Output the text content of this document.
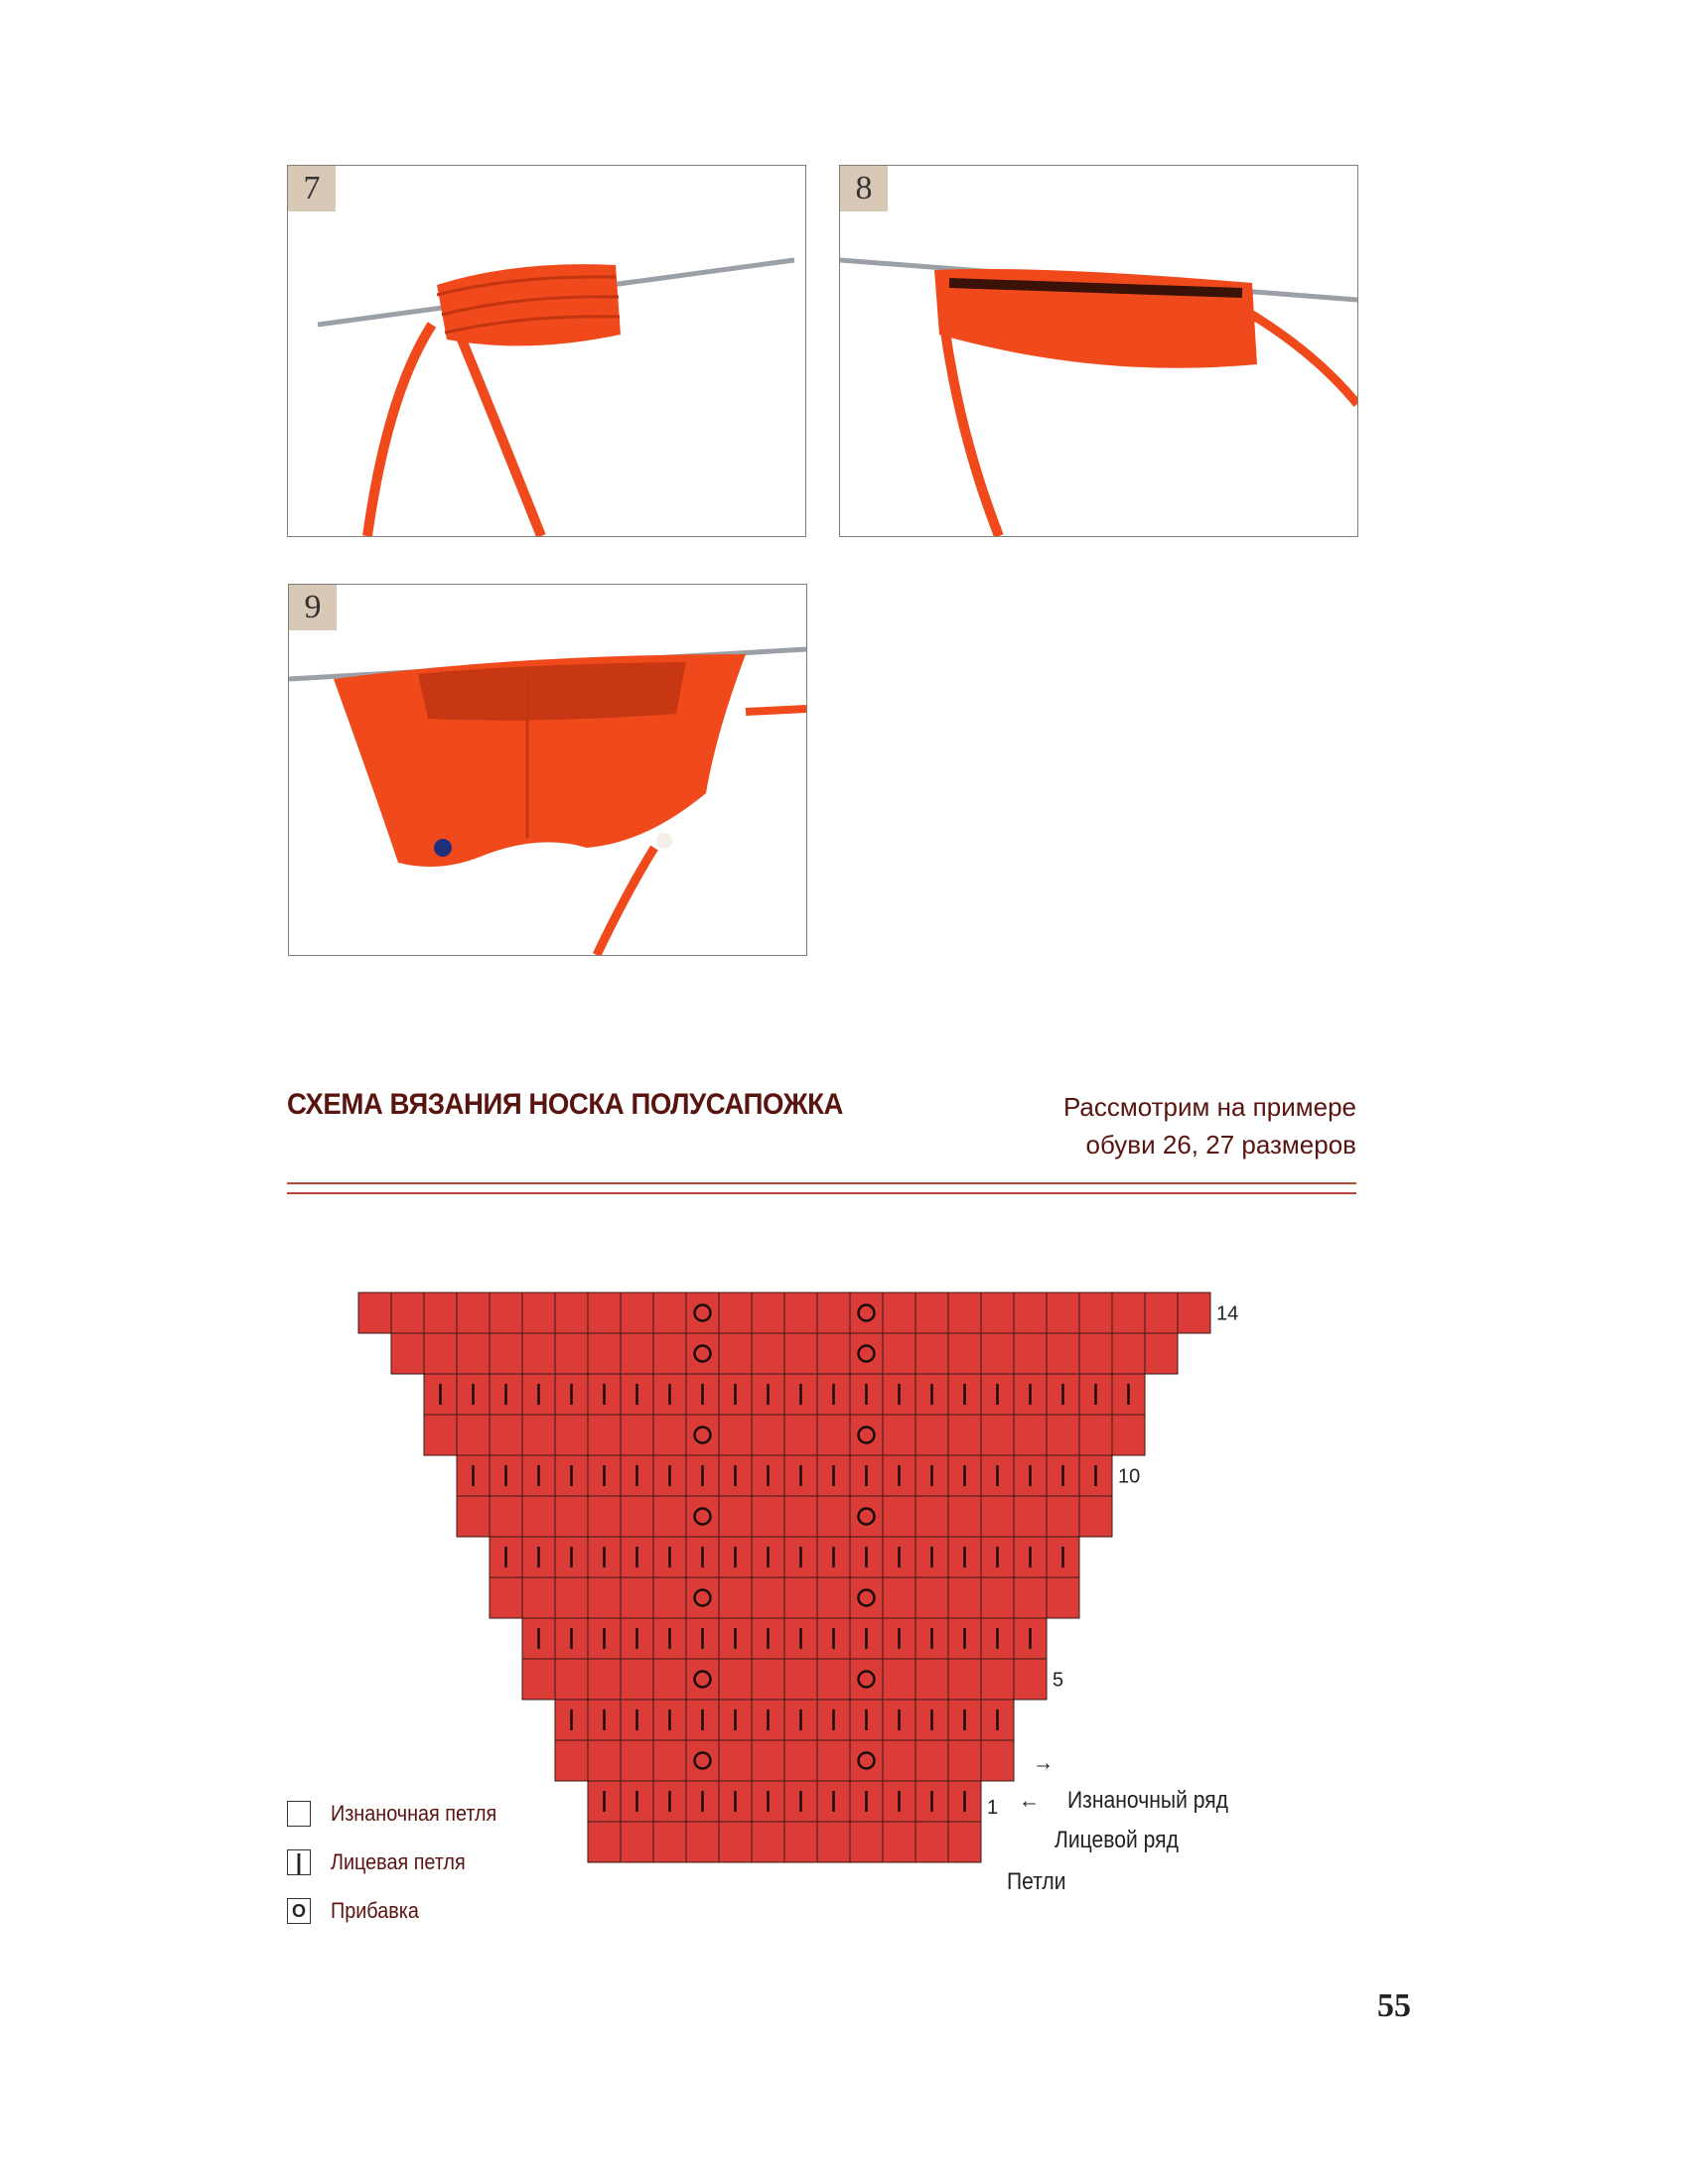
7	8
9
СХЕМА ВЯЗАНИЯ НОСКА ПОЛУСАПОЖКА	Рассмотрим на примере
обуви 26, 27 размеров
1
5
10
14
→
← Изнаночный ряд
Лицевой ряд
Петли
Изнаночная петля
|	Лицевая петля
O Прибавка
55
